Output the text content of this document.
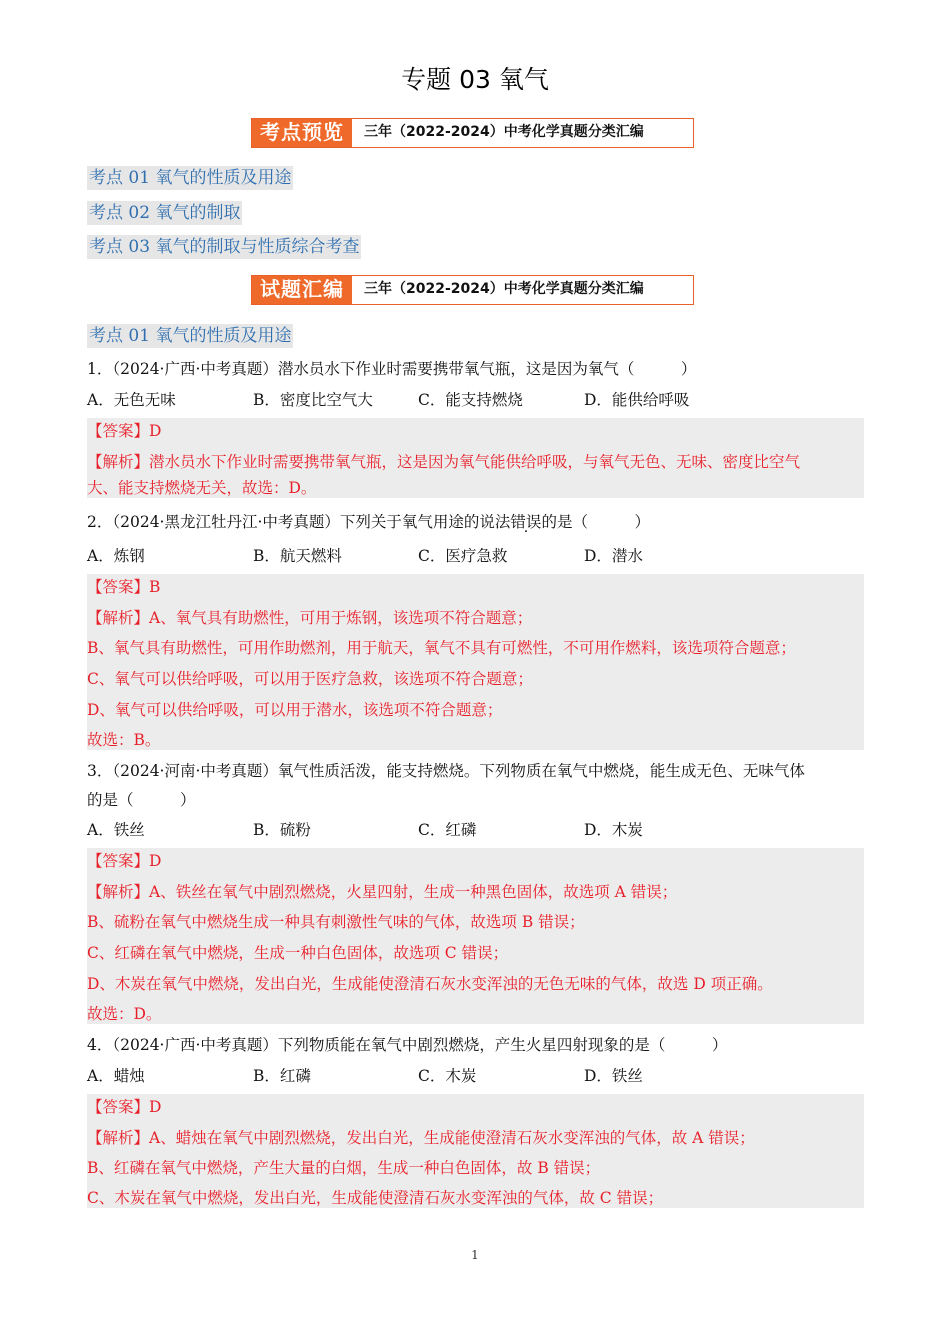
专题 03 氧气
考点预览	三年（2022-2024）中考化学真题分类汇编
考点 01 氧气的性质及用途
考点 02 氧气的制取
考点 03 氧气的制取与性质综合考查
试题汇编	三年（2022-2024）中考化学真题分类汇编
考点 01 氧气的性质及用途
1．（2024·广西·中考真题）潜水员水下作业时需要携带氧气瓶，这是因为氧气（　　　）
A．无色无味	B．密度比空气大	C．能支持燃烧	D．能供给呼吸
【答案】D
【解析】潜水员水下作业时需要携带氧气瓶，这是因为氧气能供给呼吸，与氧气无色、无味、密度比空气
大、能支持燃烧无关，故选：D。
2．（2024·黑龙江牡丹江·中考真题）下列关于氧气用途的说法错误的是（　　　）
A．炼钢	B．航天燃料	C．医疗急救	D．潜水
【答案】B
【解析】A、氧气具有助燃性，可用于炼钢，该选项不符合题意；
B、氧气具有助燃性，可用作助燃剂，用于航天，氧气不具有可燃性，不可用作燃料，该选项符合题意；
C、氧气可以供给呼吸，可以用于医疗急救，该选项不符合题意；
D、氧气可以供给呼吸，可以用于潜水，该选项不符合题意；
故选：B。
3．（2024·河南·中考真题）氧气性质活泼，能支持燃烧。下列物质在氧气中燃烧，能生成无色、无味气体
的是（　　　）
A．铁丝	B．硫粉	C．红磷	D．木炭
【答案】D
【解析】A、铁丝在氧气中剧烈燃烧，火星四射，生成一种黑色固体，故选项 A 错误；
B、硫粉在氧气中燃烧生成一种具有刺激性气味的气体，故选项 B 错误；
C、红磷在氧气中燃烧，生成一种白色固体，故选项 C 错误；
D、木炭在氧气中燃烧，发出白光，生成能使澄清石灰水变浑浊的无色无味的气体，故选 D 项正确。
故选：D。
4．（2024·广西·中考真题）下列物质能在氧气中剧烈燃烧，产生火星四射现象的是（　　　）
A．蜡烛	B．红磷	C．木炭	D．铁丝
【答案】D
【解析】A、蜡烛在氧气中剧烈燃烧，发出白光，生成能使澄清石灰水变浑浊的气体，故 A 错误；
B、红磷在氧气中燃烧，产生大量的白烟，生成一种白色固体，故 B 错误；
C、木炭在氧气中燃烧，发出白光，生成能使澄清石灰水变浑浊的气体，故 C 错误；
1
